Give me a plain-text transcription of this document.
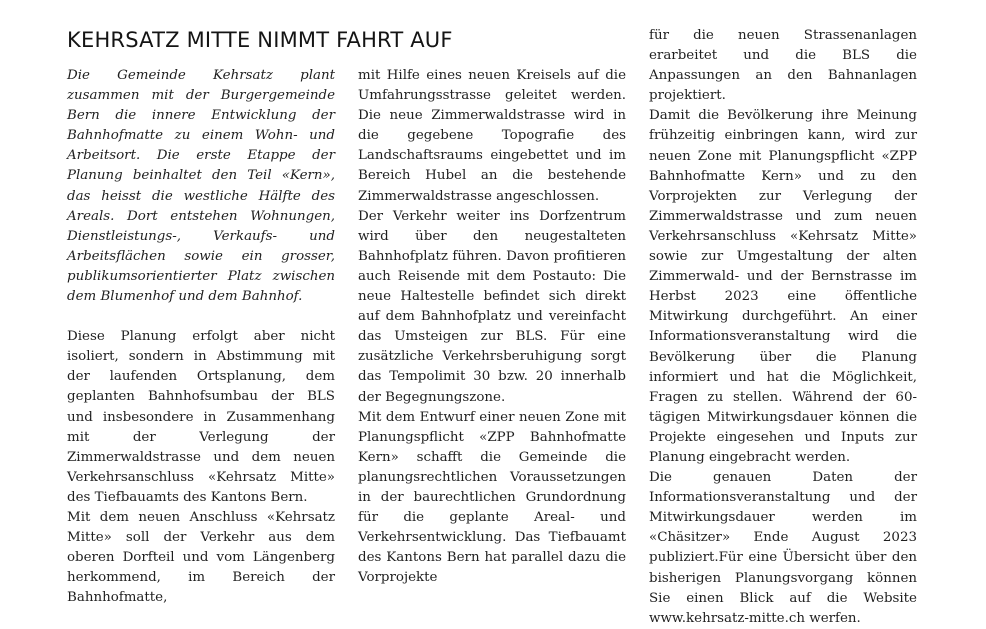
KEHRSATZ MITTE NIMMT FAHRT AUF

Die Gemeinde Kehrsatz plant zusammen mit der Burgergemeinde Bern die innere Entwicklung der Bahnhofmatte zu einem Wohn- und Arbeitsort. Die erste Etappe der Planung beinhaltet den Teil «Kern», das heisst die westliche Hälfte des Areals. Dort entstehen Wohnungen, Dienstleistungs-, Verkaufs- und Arbeitsflächen sowie ein grosser, publikumsorientierter Platz zwischen dem Blumenhof und dem Bahnhof.

Diese Planung erfolgt aber nicht isoliert, sondern in Abstimmung mit der laufenden Ortsplanung, dem geplanten Bahnhofsumbau der BLS und insbesondere in Zusammenhang mit der Verlegung der Zimmerwaldstrasse und dem neuen Verkehrsanschluss «Kehrsatz Mitte» des Tiefbauamts des Kantons Bern.

Mit dem neuen Anschluss «Kehrsatz Mitte» soll der Verkehr aus dem oberen Dorfteil und vom Längenberg herkommend, im Bereich der Bahnhofmatte,

mit Hilfe eines neuen Kreisels auf die Umfahrungsstrasse geleitet werden. Die neue Zimmerwaldstrasse wird in die gegebene Topografie des Landschaftsraums eingebettet und im Bereich Hubel an die bestehende Zimmerwaldstrasse angeschlossen.

Der Verkehr weiter ins Dorfzentrum wird über den neugestalteten Bahnhofplatz führen. Davon profitieren auch Reisende mit dem Postauto: Die neue Haltestelle befindet sich direkt auf dem Bahnhofplatz und vereinfacht das Umsteigen zur BLS. Für eine zusätzliche Verkehrsberuhigung sorgt das Tempolimit 30 bzw. 20 innerhalb der Begegnungszone.

Mit dem Entwurf einer neuen Zone mit Planungspflicht «ZPP Bahnhofmatte Kern» schafft die Gemeinde die planungsrechtlichen Voraussetzungen in der baurechtlichen Grundordnung für die geplante Areal- und Verkehrsentwicklung. Das Tiefbauamt des Kantons Bern hat parallel dazu die Vorprojekte

für die neuen Strassenanlagen erarbeitet und die BLS die Anpassungen an den Bahnanlagen projektiert.

Damit die Bevölkerung ihre Meinung frühzeitig einbringen kann, wird zur neuen Zone mit Planungspflicht «ZPP Bahnhofmatte Kern» und zu den Vorprojekten zur Verlegung der Zimmerwaldstrasse und zum neuen Verkehrsanschluss «Kehrsatz Mitte» sowie zur Umgestaltung der alten Zimmerwald- und der Bernstrasse im Herbst 2023 eine öffentliche Mitwirkung durchgeführt. An einer Informationsveranstaltung wird die Bevölkerung über die Planung informiert und hat die Möglichkeit, Fragen zu stellen. Während der 60-tägigen Mitwirkungsdauer können die Projekte eingesehen und Inputs zur Planung eingebracht werden.

Die genauen Daten der Informationsveranstaltung und der Mitwirkungsdauer werden im «Chäsitzer» Ende August 2023 publiziert.Für eine Übersicht über den bisherigen Planungsvorgang können Sie einen Blick auf die Website www.kehrsatz-mitte.ch werfen.
